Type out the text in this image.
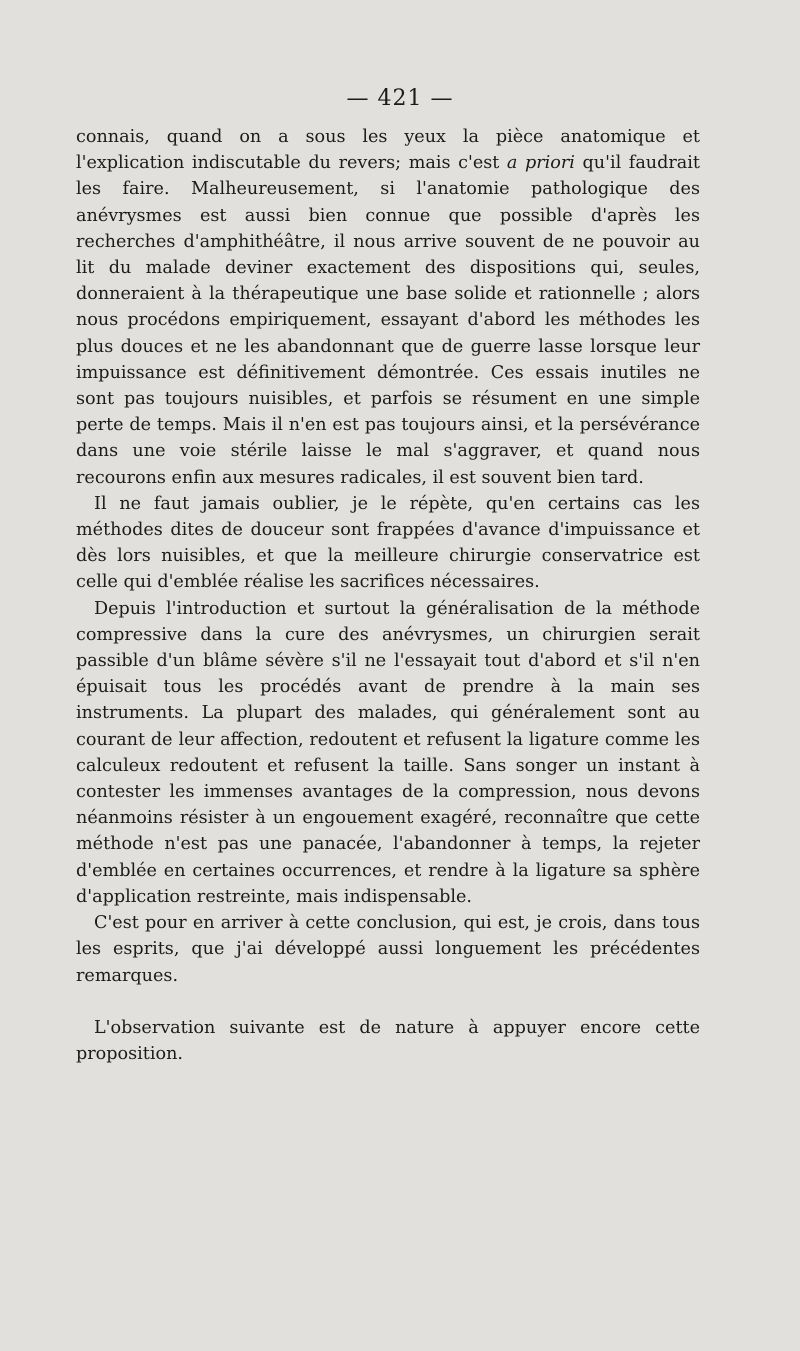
— 421 —

connais, quand on a sous les yeux la pièce anatomique et l'explication indiscutable du revers; mais c'est a priori qu'il faudrait les faire. Malheureusement, si l'anatomie pathologique des anévrysmes est aussi bien connue que possible d'après les recherches d'amphithéâtre, il nous arrive souvent de ne pouvoir au lit du malade deviner exactement des dispositions qui, seules, donneraient à la thérapeutique une base solide et rationnelle ; alors nous procédons empiriquement, essayant d'abord les méthodes les plus douces et ne les abandonnant que de guerre lasse lorsque leur impuissance est définitivement démontrée. Ces essais inutiles ne sont pas toujours nuisibles, et parfois se résument en une simple perte de temps. Mais il n'en est pas toujours ainsi, et la persévérance dans une voie stérile laisse le mal s'aggraver, et quand nous recourons enfin aux mesures radicales, il est souvent bien tard.

Il ne faut jamais oublier, je le répète, qu'en certains cas les méthodes dites de douceur sont frappées d'avance d'impuissance et dès lors nuisibles, et que la meilleure chirurgie conservatrice est celle qui d'emblée réalise les sacrifices nécessaires.

Depuis l'introduction et surtout la généralisation de la méthode compressive dans la cure des anévrysmes, un chirurgien serait passible d'un blâme sévère s'il ne l'essayait tout d'abord et s'il n'en épuisait tous les procédés avant de prendre à la main ses instruments. La plupart des malades, qui généralement sont au courant de leur affection, redoutent et refusent la ligature comme les calculeux redoutent et refusent la taille. Sans songer un instant à contester les immenses avantages de la compression, nous devons néanmoins résister à un engouement exagéré, reconnaître que cette méthode n'est pas une panacée, l'abandonner à temps, la rejeter d'emblée en certaines occurrences, et rendre à la ligature sa sphère d'application restreinte, mais indispensable.

C'est pour en arriver à cette conclusion, qui est, je crois, dans tous les esprits, que j'ai développé aussi longuement les précédentes remarques.

L'observation suivante est de nature à appuyer encore cette proposition.
